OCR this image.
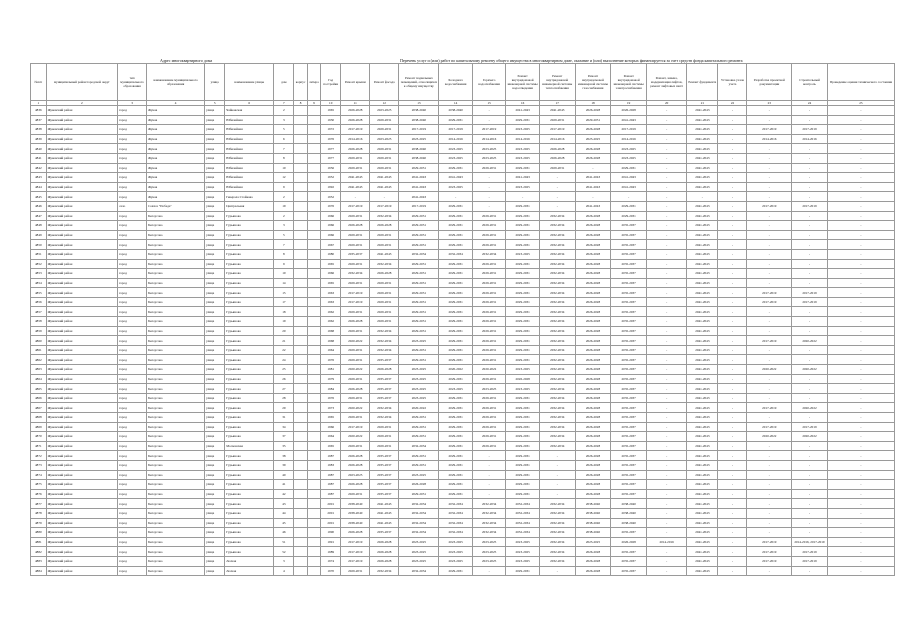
Адрес многоквартирного дома	Перечень услуг и (или) работ по капитальному ремонту общего имущества в многоквартирном доме, оказание и (или) выполнение которых финансируется за счет средств фонда капитального ремонта
№п/п	муниципальный район/городской округ	тип муниципального образования	наименование муниципального образования	улица	наименование улицы	дом	корпус	литера	Год постройки	Ремонт крыши	Ремонт фасада	Ремонт подвальных помещений, относящихся к общему имуществу	Холодного водоснабжения	Горячего водоснабжения	Ремонт внутридомовой инженерной системы водоотведения	Ремонт внутридомовой инженерной системы теплоснабжения	Ремонт внутридомовой инженерной системы газоснабжения	Ремонт внутридомовой инженерной системы электроснабжения	Ремонт, замена, модернизация лифтов, ремонт лифтовых шахт	Ремонт фундамента	Установка узлов учета	Разработка проектной документации	Строительный контроль	Проведение оценки технического состояния
1	2	3	4	5	6	7	8	9	10	11	12	13	14	15	16	17	18	19	20	21	22	23	24	25
4836	Жуковский район	город	Жуков	улица	Чайковская	2			1965	2026-2028	2023-2025	2038-2040	2038-2040	-	2041-2043	2041-2043	2026-2028	2026-2028	-	2041-2043	-	-	-	-
4837	Жуковский район	город	Жуков	улица	Юбилейная	3			1930	2026-2028	2029-2031	2038-2040	2029-2031	-	2029-2031	2029-2031	2029-2031	2041-2043	-	2041-2043	-	-	-	-
4838	Жуковский район	город	Жуков	улица	Юбилейная	5			1972	2017-2019	2029-2031	2017-2019	2017-2019	2017-2019	2023-2025	2017-2019	2026-2028	2017-2019	-	2041-2043	-	2017-2019	2017-2019	-
4839	Жуковский район	город	Жуков	улица	Юбилейная	6			1976	2014-2016	2023-2025	2023-2025	2014-2016	2014-2016	2014-2016	2014-2016	2023-2025	2014-2016	-	2041-2043	-	2014-2016	2014-2016	-
4840	Жуковский район	город	Жуков	улица	Юбилейная	7			1977	2026-2028	2029-2031	2038-2040	2023-2025	2023-2025	2023-2025	2026-2028	2026-2028	2023-2025	-	2041-2043	-	-	-	-
4841	Жуковский район	город	Жуков	улица	Юбилейная	8			1977	2029-2031	2029-2031	2038-2040	2023-2025	2023-2025	2023-2025	2026-2028	2026-2028	2023-2025	-	2041-2043	-	-	-	-
4842	Жуковский район	город	Жуков	улица	Юбилейная	10			1956	2029-2031	2029-2031	2029-2031	2029-2031	2029-2031	2029-2031	2029-2031	-	2029-2031	-	2041-2043	-	-	-	-
4843	Жуковский район	город	Жуков	улица	Юбилейная	12			1952	2041-2043	2041-2043	2041-2043	2041-2043	-	2041-2043	-	2041-2043	2041-2043	-	2041-2043	-	-	-	-
4844	Жуковский район	город	Жуков	улица	Юбилейная	9			1992	2041-2043	2041-2043	2041-2043	2023-2025	-	2023-2025	-	2041-2043	2041-2043	-	2041-2043	-	-	-	-
4845	Жуковский район	город	Жуков	улица	Генерала Стойкова	2			1952	-	-	2041-2043	-	-	-	-	-	-	-	-	-	-	-	-
4846	Жуковский район	село	Совхоз "Победа"	улица	Центральная	19			1976	2017-2019	2017-2019	2017-2019	2029-2031	-	2029-2031	-	2041-2043	2029-2031	-	2041-2043	-	2017-2019	2017-2019	-
4847	Жуковский район	город	Белоусово	улица	Гурьянова	2			1966	2029-2031	2032-2034	2029-2031	2029-2031	2029-2031	2029-2031	2032-2034	2026-2028	2029-2031	-	2041-2043	-	-	-	-
4848	Жуковский район	город	Белоусово	улица	Гурьянова	3			1966	2026-2028	2026-2028	2029-2031	2029-2031	2029-2031	2029-2031	2032-2034	2026-2028	2035-2037	-	2041-2043	-	-	-	-
4849	Жуковский район	город	Белоусово	улица	Гурьянова	5			1966	2029-2031	2029-2031	2029-2031	2029-2031	2029-2031	2029-2031	2032-2034	2026-2028	2035-2037	-	2041-2043	-	-	-	-
4850	Жуковский район	город	Белоусово	улица	Гурьянова	7			1967	2029-2031	2029-2031	2029-2031	2029-2031	2029-2031	2029-2031	2032-2034	2026-2028	2035-2037	-	2041-2043	-	-	-	-
4851	Жуковский район	город	Белоусово	улица	Гурьянова	8			1980	2035-2037	2041-2043	2032-2034	2032-2034	2032-2034	2023-2025	2032-2034	2026-2028	2035-2037	-	2041-2043	-	-	-	-
4852	Жуковский район	город	Белоусово	улица	Гурьянова	9			1965	2029-2031	2032-2034	2029-2031	2029-2031	2029-2031	2029-2031	2032-2034	2026-2028	2035-2037	-	2041-2043	-	-	-	-
4853	Жуковский район	город	Белоусово	улица	Гурьянова	10			1966	2032-2034	2026-2028	2029-2031	2029-2031	2029-2031	2029-2031	2032-2034	2026-2028	2035-2037	-	2041-2043	-	-	-	-
4854	Жуковский район	город	Белоусово	улица	Гурьянова	14			1965	2029-2031	2029-2031	2029-2031	2029-2031	2029-2031	2029-2031	2032-2034	2026-2028	2035-2037	-	2041-2043	-	-	-	-
4855	Жуковский район	город	Белоусово	улица	Гурьянова	15			1963	2017-2019	2029-2031	2029-2031	2029-2031	2029-2031	2029-2031	2032-2034	2026-2028	2035-2037	-	2041-2043	-	2017-2019	2017-2019	-
4856	Жуковский район	город	Белоусово	улица	Гурьянова	17			1963	2017-2019	2029-2031	2029-2031	2029-2031	2029-2031	2029-2031	2032-2034	2026-2028	2035-2037	-	2041-2043	-	2017-2019	2017-2019	-
4857	Жуковский район	город	Белоусово	улица	Гурьянова	18			1962	2029-2031	2029-2031	2029-2031	2029-2031	2029-2031	2029-2031	2032-2034	2026-2028	2035-2037	-	2041-2043	-	-	-	-
4858	Жуковский район	город	Белоусово	улица	Гурьянова	19			1962	2026-2028	2029-2031	2029-2031	2029-2031	2029-2031	2029-2031	2032-2034	2026-2028	2035-2037	-	2041-2043	-	-	-	-
4859	Жуковский район	город	Белоусово	улица	Гурьянова	20			1968	2029-2031	2032-2034	2029-2031	2029-2031	2029-2031	2029-2031	2032-2034	2026-2028	2035-2037	-	2041-2043	-	-	-	-
4860	Жуковский район	город	Белоусово	улица	Гурьянова	21			1968	2020-2022	2032-2034	2023-2025	2029-2031	2029-2031	2029-2031	2032-2034	2026-2028	2035-2037	-	2041-2043	-	2017-2019	2020-2022	-
4861	Жуковский район	город	Белоусово	улица	Гурьянова	22			1964	2029-2031	2032-2034	2029-2031	2029-2031	2029-2031	2029-2031	2032-2034	2026-2028	2035-2037	-	2041-2043	-	-	-	-
4862	Жуковский район	город	Белоусово	улица	Гурьянова	24			1976	2029-2031	2035-2037	2029-2031	2029-2031	2029-2031	2029-2031	2032-2034	2026-2028	2035-2037	-	2041-2043	-	-	-	-
4863	Жуковский район	город	Белоусово	улица	Гурьянова	25			1981	2020-2022	2026-2028	2023-2025	2020-2022	2020-2022	2023-2025	2032-2034	2026-2028	2035-2037	-	2041-2043	-	2020-2022	2020-2022	-
4864	Жуковский район	город	Белоусово	улица	Гурьянова	26			1979	2029-2031	2035-2037	2023-2025	2029-2031	2029-2031	2026-2028	2032-2034	2026-2028	2035-2037	-	2041-2043	-	-	-	-
4865	Жуковский район	город	Белоусово	улица	Гурьянова	27			1984	2026-2028	2035-2037	2023-2025	2023-2025	2023-2025	2023-2025	2032-2034	2026-2028	2035-2037	-	2041-2043	-	-	-	-
4866	Жуковский район	город	Белоусово	улица	Гурьянова	28			1976	2029-2031	2035-2037	2023-2025	2029-2031	2029-2031	2029-2031	2032-2034	2026-2028	2035-2037	-	2041-2043	-	-	-	-
4867	Жуковский район	город	Белоусово	улица	Гурьянова	29			1973	2020-2022	2032-2034	2020-2022	2029-2031	2029-2031	2029-2031	2032-2034	2026-2028	2035-2037	-	2041-2043	-	2017-2019	2020-2022	-
4868	Жуковский район	город	Белоусово	улица	Гурьянова	31			1965	2029-2031	2032-2034	2029-2031	2029-2031	2029-2031	2029-2031	2032-2034	2026-2028	2035-2037	-	2041-2043	-	-	-	-
4869	Жуковский район	город	Белоусово	улица	Гурьянова	34			1966	2017-2019	2029-2031	2029-2031	2029-2031	2029-2031	2029-2031	2032-2034	2026-2028	2035-2037	-	2041-2043	-	2017-2019	2017-2019	-
4870	Жуковский район	город	Белоусово	улица	Гурьянова	37			1964	2020-2022	2029-2031	2029-2031	2029-2031	2029-2031	2029-2031	2032-2034	2026-2028	2035-2037	-	2041-2043	-	2020-2022	2020-2022	-
4871	Жуковский район	город	Белоусово	улица	Московская	35			1965	2029-2031	2029-2031	2032-2034	2029-2031	2029-2031	2029-2031	2032-2034	2026-2028	2035-2037	-	2041-2043	-	-	-	-
4872	Жуковский район	город	Белоусово	улица	Гурьянова	38			1987	2026-2028	2035-2037	2029-2031	2029-2031	-	2029-2031	-	2026-2028	2035-2037	-	2041-2043	-	-	-	-
4873	Жуковский район	город	Белоусово	улица	Гурьянова	39			1983	2026-2028	2035-2037	2029-2031	2029-2031	-	2029-2031	-	2026-2028	2035-2037	-	2041-2043	-	-	-	-
4874	Жуковский район	город	Белоусово	улица	Гурьянова	40			1987	2023-2025	2035-2037	2023-2025	2029-2031	-	2029-2031	-	2026-2028	2035-2037	-	2041-2043	-	-	-	-
4875	Жуковский район	город	Белоусово	улица	Гурьянова	41			1987	2026-2028	2035-2037	2026-2028	2029-2031	-	2029-2031	-	2026-2028	2035-2037	-	2041-2043	-	-	-	-
4876	Жуковский район	город	Белоусово	улица	Гурьянова	42			1987	2029-2031	2035-2037	2029-2031	2029-2031	-	2029-2031	-	2026-2028	2035-2037	-	2041-2043	-	-	-	-
4877	Жуковский район	город	Белоусово	улица	Гурьянова	43			2001	2038-2040	2041-2043	2032-2034	2032-2034	2032-2034	2032-2034	2032-2034	2038-2040	2038-2040	-	2041-2043	-	-	-	-
4878	Жуковский район	город	Белоусово	улица	Гурьянова	44			2001	2038-2040	2041-2043	2032-2034	2032-2034	2032-2034	2032-2034	2032-2034	2038-2040	2038-2040	-	2041-2043	-	-	-	-
4879	Жуковский район	город	Белоусово	улица	Гурьянова	45			2001	2038-2040	2041-2043	2032-2034	2032-2034	2032-2034	2032-2034	2032-2034	2038-2040	2038-2040	-	2041-2043	-	-	-	-
4880	Жуковский район	город	Белоусово	улица	Гурьянова	46			1990	2026-2028	2035-2037	2032-2034	2032-2034	2032-2034	2032-2034	2032-2034	2038-2040	2035-2037	-	2041-2043	-	-	-	-
4881	Жуковский район	город	Белоусово	улица	Гурьянова	51			1991	2017-2019	2026-2028	2023-2025	2023-2025	2023-2025	2023-2025	2032-2034	2023-2025	2026-2028	2014-2016	2041-2043	-	2017-2019	2014-2016, 2017-2019	-
4882	Жуковский район	город	Белоусово	улица	Гурьянова	52			1989	2017-2019	2026-2028	2023-2025	2023-2025	2023-2025	2023-2025	2032-2034	2026-2028	2035-2037	-	2041-2043	-	2017-2019	2017-2019	-
4883	Жуковский район	город	Белоусово	улица	Лесная	3			1974	2017-2019	2026-2028	2023-2025	2023-2025	2023-2025	2023-2025	2032-2034	2026-2028	2035-2037	-	2041-2043	-	2017-2019	2017-2019	-
4884	Жуковский район	город	Белоусово	улица	Лесная	4			1970	2029-2031	2032-2034	2032-2034	2029-2031	-	2029-2031	-	2026-2028	2035-2037	-	2041-2043	-	-	-	-
